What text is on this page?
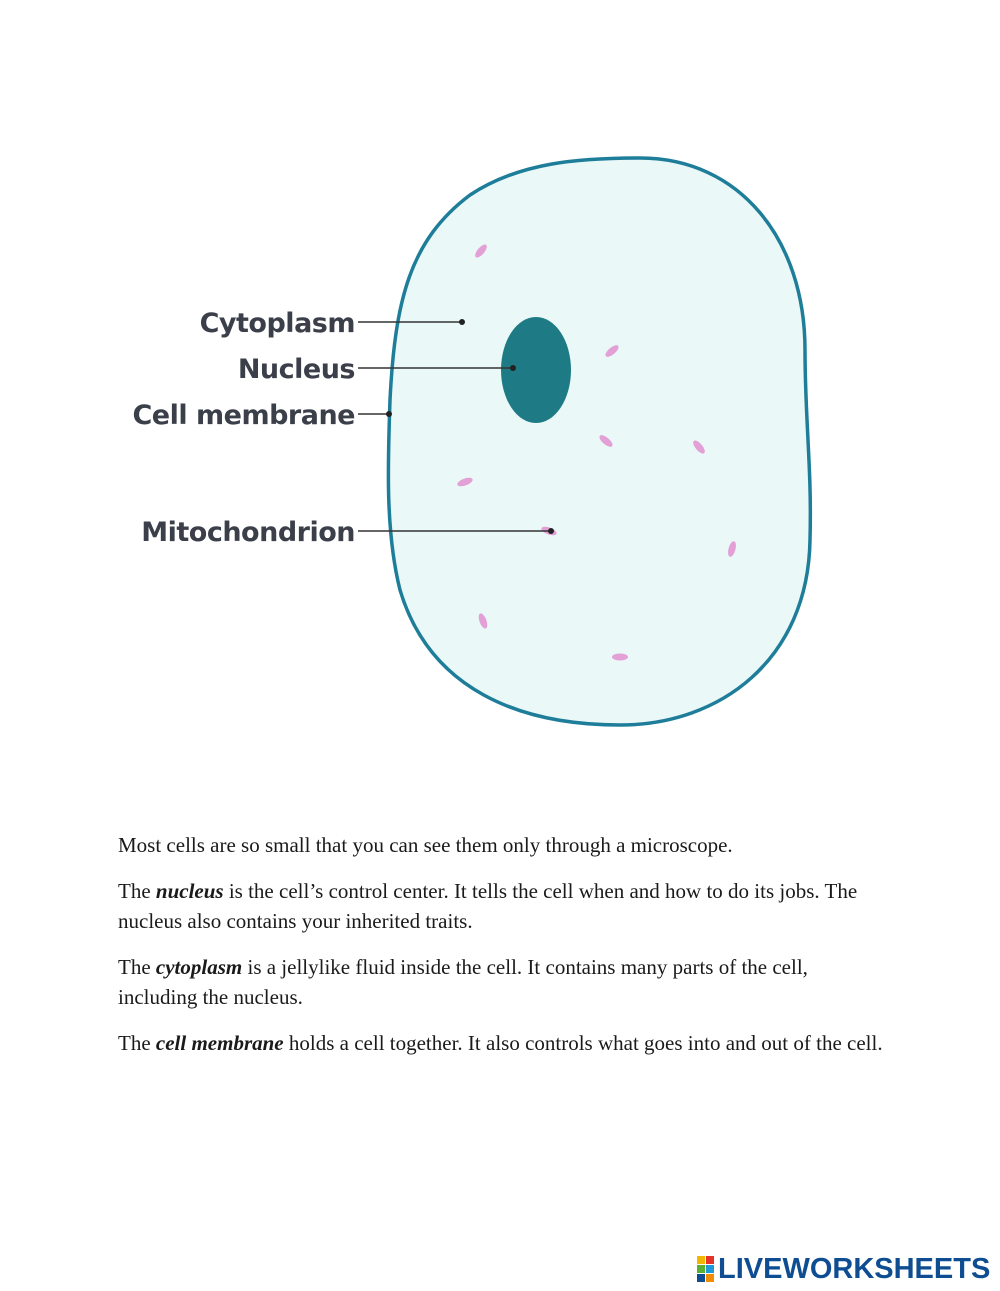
Cytoplasm
Nucleus
Cell membrane
Mitochondrion

Most cells are so small that you can see them only through a microscope.

The nucleus is the cell’s control center. It tells the cell when and how to do its jobs. The nucleus also contains your inherited traits.

The cytoplasm is a jellylike fluid inside the cell. It contains many parts of the cell, including the nucleus.

The cell membrane holds a cell together. It also controls what goes into and out of the cell.

LIVEWORKSHEETS
